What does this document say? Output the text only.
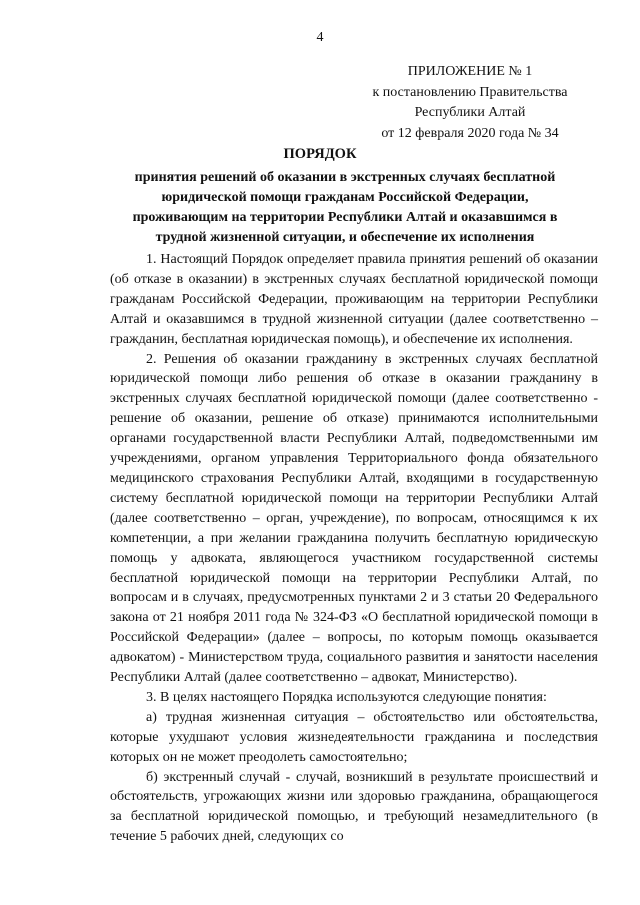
4
ПРИЛОЖЕНИЕ № 1
к постановлению Правительства
Республики Алтай
от 12 февраля 2020 года № 34
ПОРЯДОК
принятия решений об оказании в экстренных случаях бесплатной
юридической помощи гражданам Российской Федерации,
проживающим на территории Республики Алтай и оказавшимся в
трудной жизненной ситуации, и обеспечение их исполнения

1. Настоящий Порядок определяет правила принятия решений об оказании (об отказе в оказании) в экстренных случаях бесплатной юридической помощи гражданам Российской Федерации, проживающим на территории Республики Алтай и оказавшимся в трудной жизненной ситуации (далее соответственно – гражданин, бесплатная юридическая помощь), и обеспечение их исполнения.

2. Решения об оказании гражданину в экстренных случаях бесплатной юридической помощи либо решения об отказе в оказании гражданину в экстренных случаях бесплатной юридической помощи (далее соответственно - решение об оказании, решение об отказе) принимаются исполнительными органами государственной власти Республики Алтай, подведомственными им учреждениями, органом управления Территориального фонда обязательного медицинского страхования Республики Алтай, входящими в государственную систему бесплатной юридической помощи на территории Республики Алтай (далее соответственно – орган, учреждение), по вопросам, относящимся к их компетенции, а при желании гражданина получить бесплатную юридическую помощь у адвоката, являющегося участником государственной системы бесплатной юридической помощи на территории Республики Алтай, по вопросам и в случаях, предусмотренных пунктами 2 и 3 статьи 20 Федерального закона от 21 ноября 2011 года № 324-ФЗ «О бесплатной юридической помощи в Российской Федерации» (далее – вопросы, по которым помощь оказывается адвокатом) - Министерством труда, социального развития и занятости населения Республики Алтай (далее соответственно – адвокат, Министерство).

3. В целях настоящего Порядка используются следующие понятия:

а) трудная жизненная ситуация – обстоятельство или обстоятельства, которые ухудшают условия жизнедеятельности гражданина и последствия которых он не может преодолеть самостоятельно;

б) экстренный случай - случай, возникший в результате происшествий и обстоятельств, угрожающих жизни или здоровью гражданина, обращающегося за бесплатной юридической помощью, и требующий незамедлительного (в течение 5 рабочих дней, следующих со
